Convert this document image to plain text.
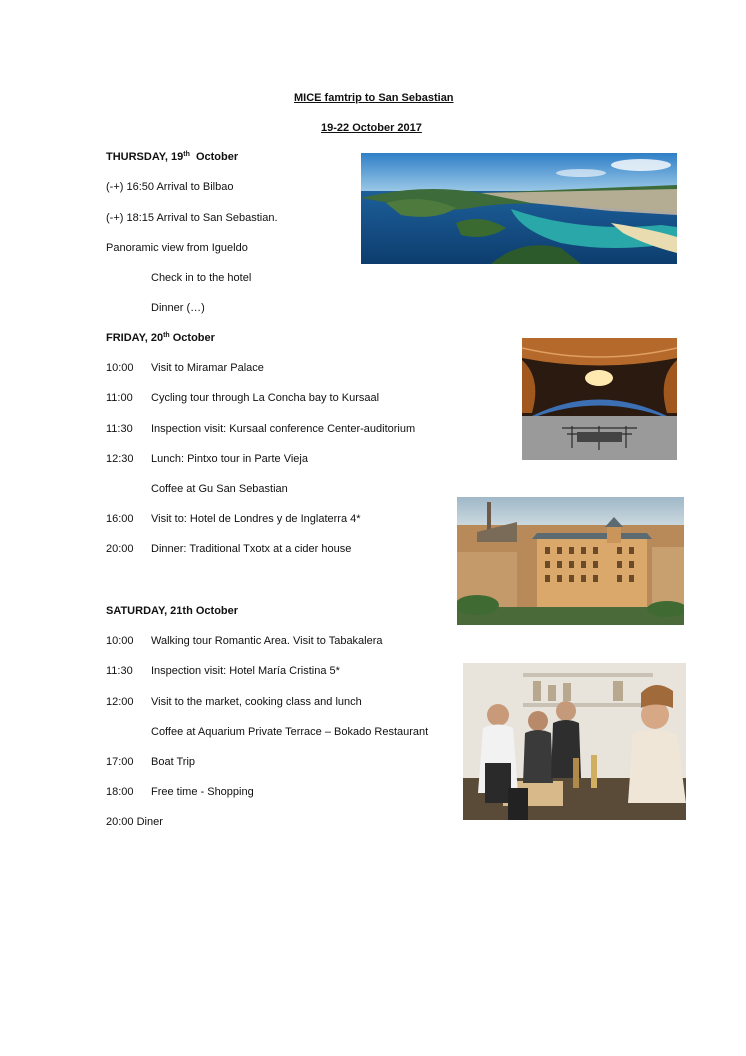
MICE famtrip to San Sebastian
19-22 October 2017
THURSDAY, 19th  October
(-+) 16:50 Arrival to Bilbao
(-+) 18:15 Arrival to San Sebastian.
Panoramic view from Igueldo
Check in to the hotel
Dinner (…)
FRIDAY, 20th October
10:00 Visit to Miramar Palace
11:00 Cycling tour through La Concha bay to Kursaal
11:30 Inspection visit: Kursaal conference Center-auditorium
12:30 Lunch: Pintxo tour in Parte Vieja
Coffee at Gu San Sebastian
16:00 Visit to: Hotel de Londres y de Inglaterra 4*
20:00 Dinner: Traditional Txotx at a cider house
SATURDAY, 21th October
10:00 Walking tour Romantic Area. Visit to Tabakalera
11:30 Inspection visit: Hotel María Cristina 5*
12:00 Visit to the market, cooking class and lunch
Coffee at Aquarium Private Terrace – Bokado Restaurant
17:00 Boat Trip
18:00 Free time - Shopping
20:00 Diner
